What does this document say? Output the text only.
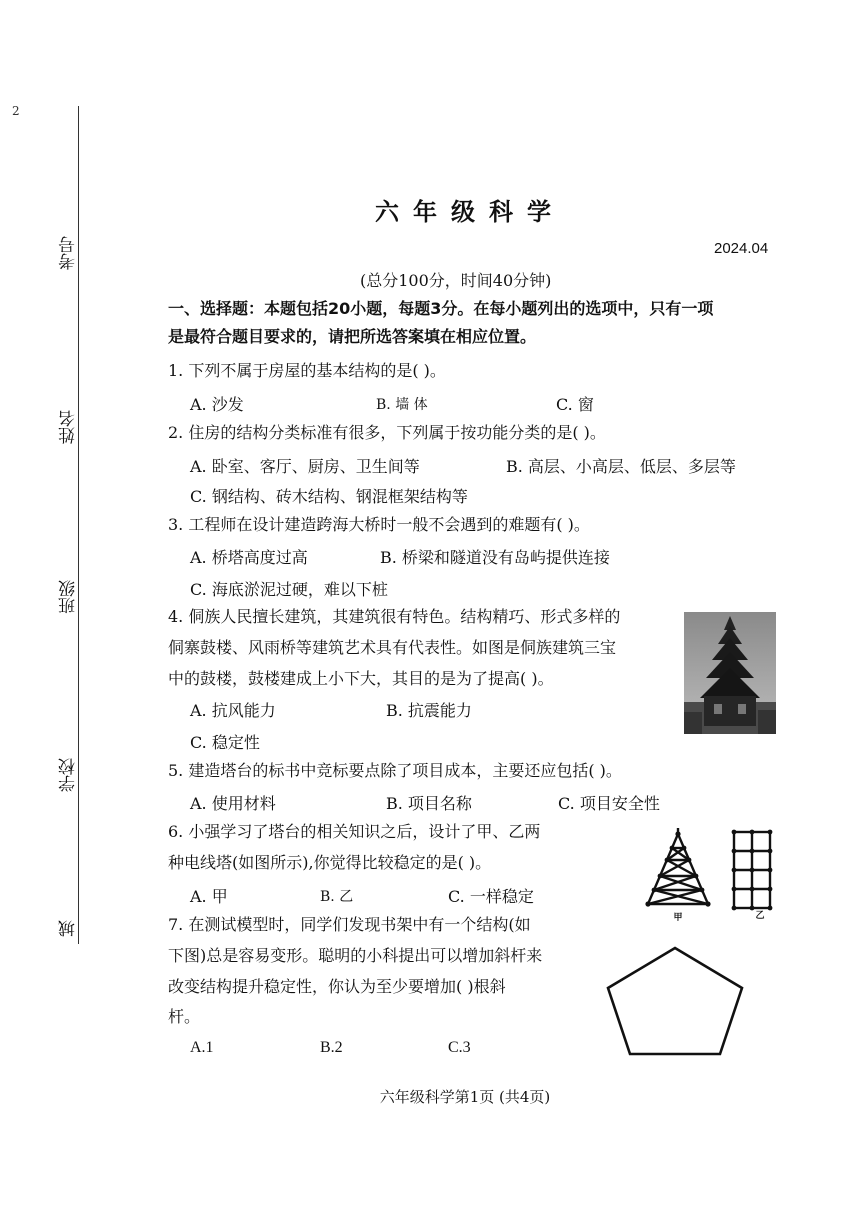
2
考号
姓名
班级
学校
城
六年级科学
2024.04
(总分100分，时间40分钟)
一、选择题：本题包括20小题，每题3分。在每小题列出的选项中，只有一项
是最符合题目要求的，请把所选答案填在相应位置。
1. 下列不属于房屋的基本结构的是( )。
A. 沙发	B. 墙 体	C. 窗
2. 住房的结构分类标准有很多，下列属于按功能分类的是( )。
A. 卧室、客厅、厨房、卫生间等	B. 高层、小高层、低层、多层等
C. 钢结构、砖木结构、钢混框架结构等
3. 工程师在设计建造跨海大桥时一般不会遇到的难题有( )。
A. 桥塔高度过高	B. 桥梁和隧道没有岛屿提供连接
C. 海底淤泥过硬，难以下桩
4. 侗族人民擅长建筑，其建筑很有特色。结构精巧、形式多样的
侗寨鼓楼、风雨桥等建筑艺术具有代表性。如图是侗族建筑三宝
中的鼓楼，鼓楼建成上小下大，其目的是为了提高( )。
A. 抗风能力	B. 抗震能力
C. 稳定性
5. 建造塔台的标书中竞标要点除了项目成本，主要还应包括( )。
A. 使用材料	B. 项目名称	C. 项目安全性
6. 小强学习了塔台的相关知识之后，设计了甲、乙两
种电线塔(如图所示),你觉得比较稳定的是( )。
A. 甲	B. 乙	C. 一样稳定
甲	乙
7. 在测试模型时，同学们发现书架中有一个结构(如
下图)总是容易变形。聪明的小科提出可以增加斜杆来
改变结构提升稳定性，你认为至少要增加( )根斜
杆。
A.1	B.2	C.3
六年级科学第1页 (共4页)
